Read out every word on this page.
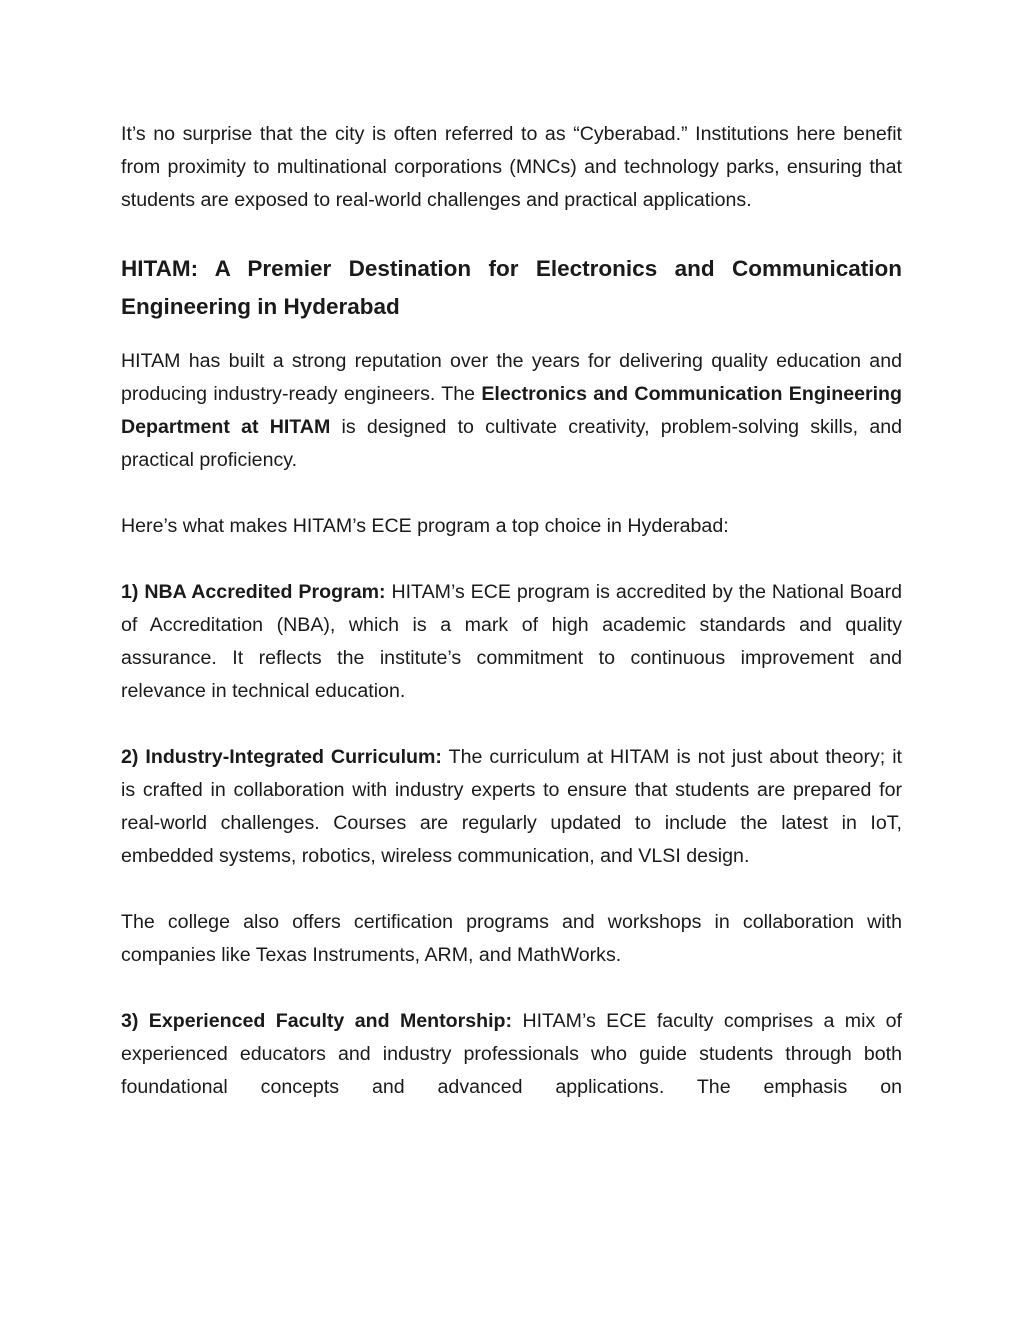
It’s no surprise that the city is often referred to as “Cyberabad.” Institutions here benefit from proximity to multinational corporations (MNCs) and technology parks, ensuring that students are exposed to real-world challenges and practical applications.

HITAM: A Premier Destination for Electronics and Communication Engineering in Hyderabad

HITAM has built a strong reputation over the years for delivering quality education and producing industry-ready engineers. The Electronics and Communication Engineering Department at HITAM is designed to cultivate creativity, problem-solving skills, and practical proficiency.

Here’s what makes HITAM’s ECE program a top choice in Hyderabad:

1) NBA Accredited Program: HITAM’s ECE program is accredited by the National Board of Accreditation (NBA), which is a mark of high academic standards and quality assurance. It reflects the institute’s commitment to continuous improvement and relevance in technical education.

2) Industry-Integrated Curriculum: The curriculum at HITAM is not just about theory; it is crafted in collaboration with industry experts to ensure that students are prepared for real-world challenges. Courses are regularly updated to include the latest in IoT, embedded systems, robotics, wireless communication, and VLSI design.

The college also offers certification programs and workshops in collaboration with companies like Texas Instruments, ARM, and MathWorks.

3) Experienced Faculty and Mentorship: HITAM’s ECE faculty comprises a mix of experienced educators and industry professionals who guide students through both foundational concepts and advanced applications. The emphasis on
